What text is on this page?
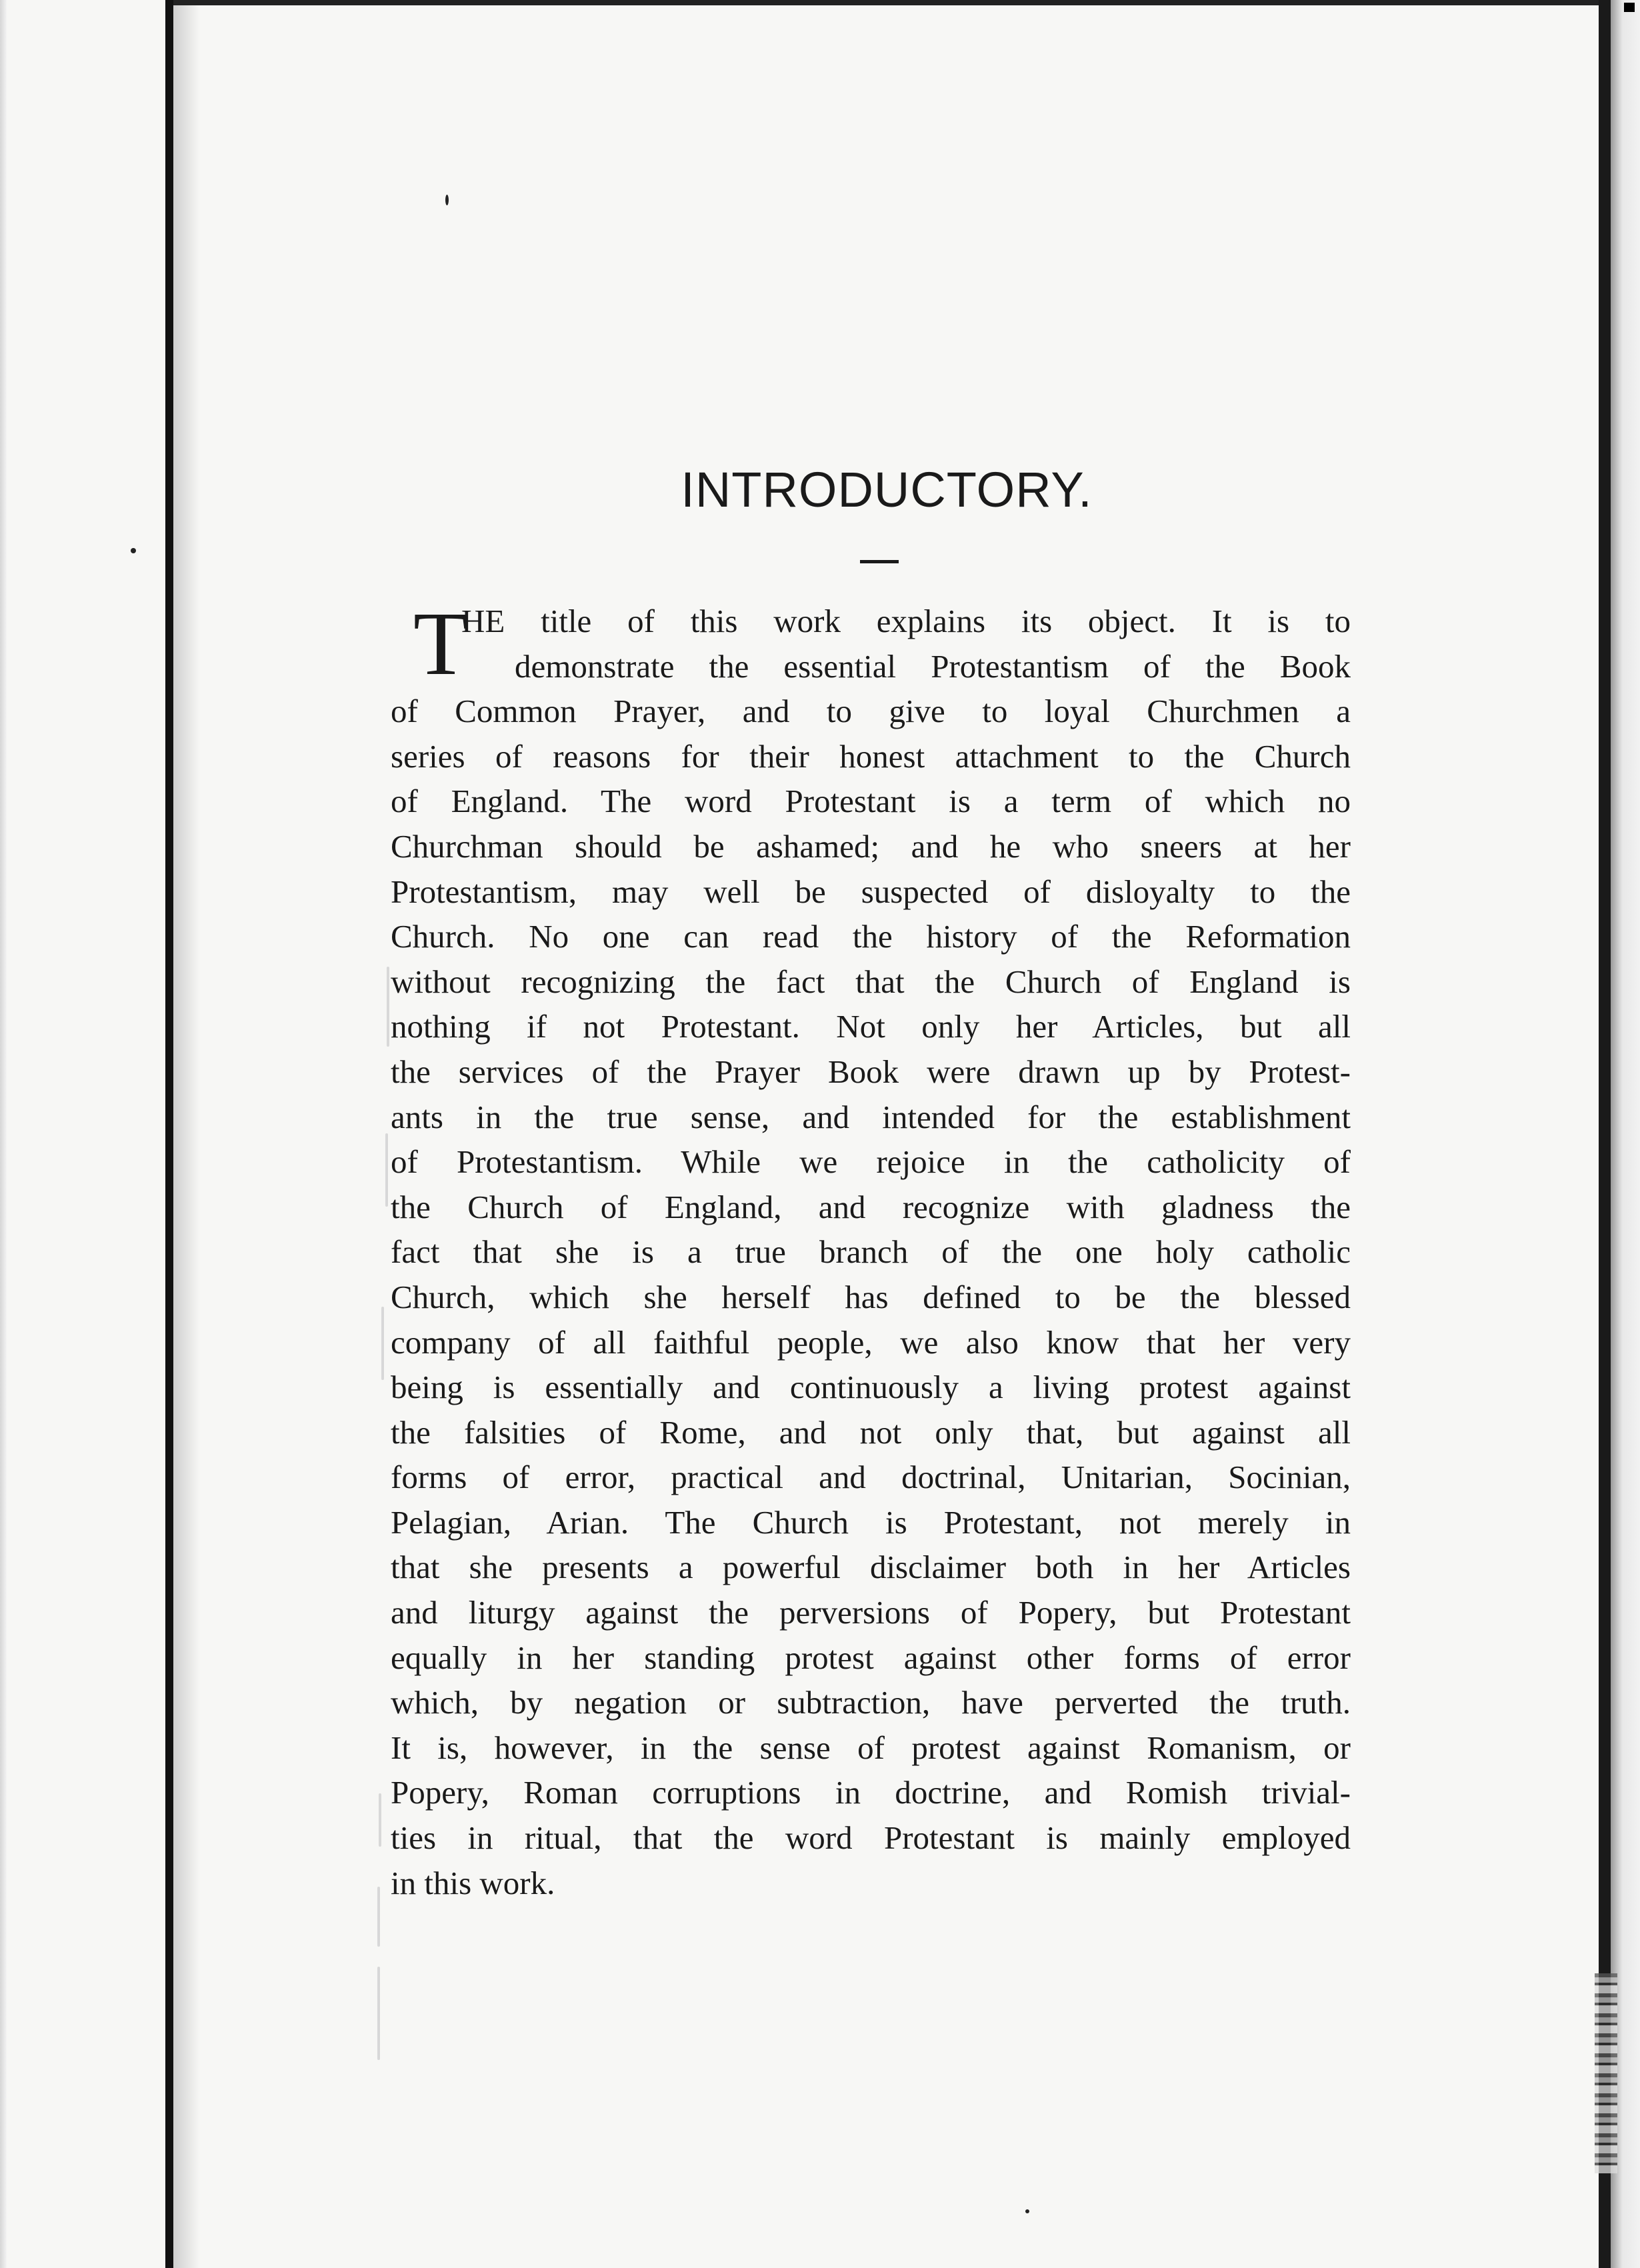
INTRODUCTORY.
T
HE title of this work explains its object. It is to
demonstrate the essential Protestantism of the Book
of Common Prayer, and to give to loyal Churchmen a
series of reasons for their honest attachment to the Church
of England. The word Protestant is a term of which no
Churchman should be ashamed; and he who sneers at her
Protestantism, may well be suspected of disloyalty to the
Church. No one can read the history of the Reformation
without recognizing the fact that the Church of England is
nothing if not Protestant. Not only her Articles, but all
the services of the Prayer Book were drawn up by Protest-
ants in the true sense, and intended for the establishment
of Protestantism. While we rejoice in the catholicity of
the Church of England, and recognize with gladness the
fact that she is a true branch of the one holy catholic
Church, which she herself has defined to be the blessed
company of all faithful people, we also know that her very
being is essentially and continuously a living protest against
the falsities of Rome, and not only that, but against all
forms of error, practical and doctrinal, Unitarian, Socinian,
Pelagian, Arian. The Church is Protestant, not merely in
that she presents a powerful disclaimer both in her Articles
and liturgy against the perversions of Popery, but Protestant
equally in her standing protest against other forms of error
which, by negation or subtraction, have perverted the truth.
It is, however, in the sense of protest against Romanism, or
Popery, Roman corruptions in doctrine, and Romish trivial-
ties in ritual, that the word Protestant is mainly employed
in this work.
